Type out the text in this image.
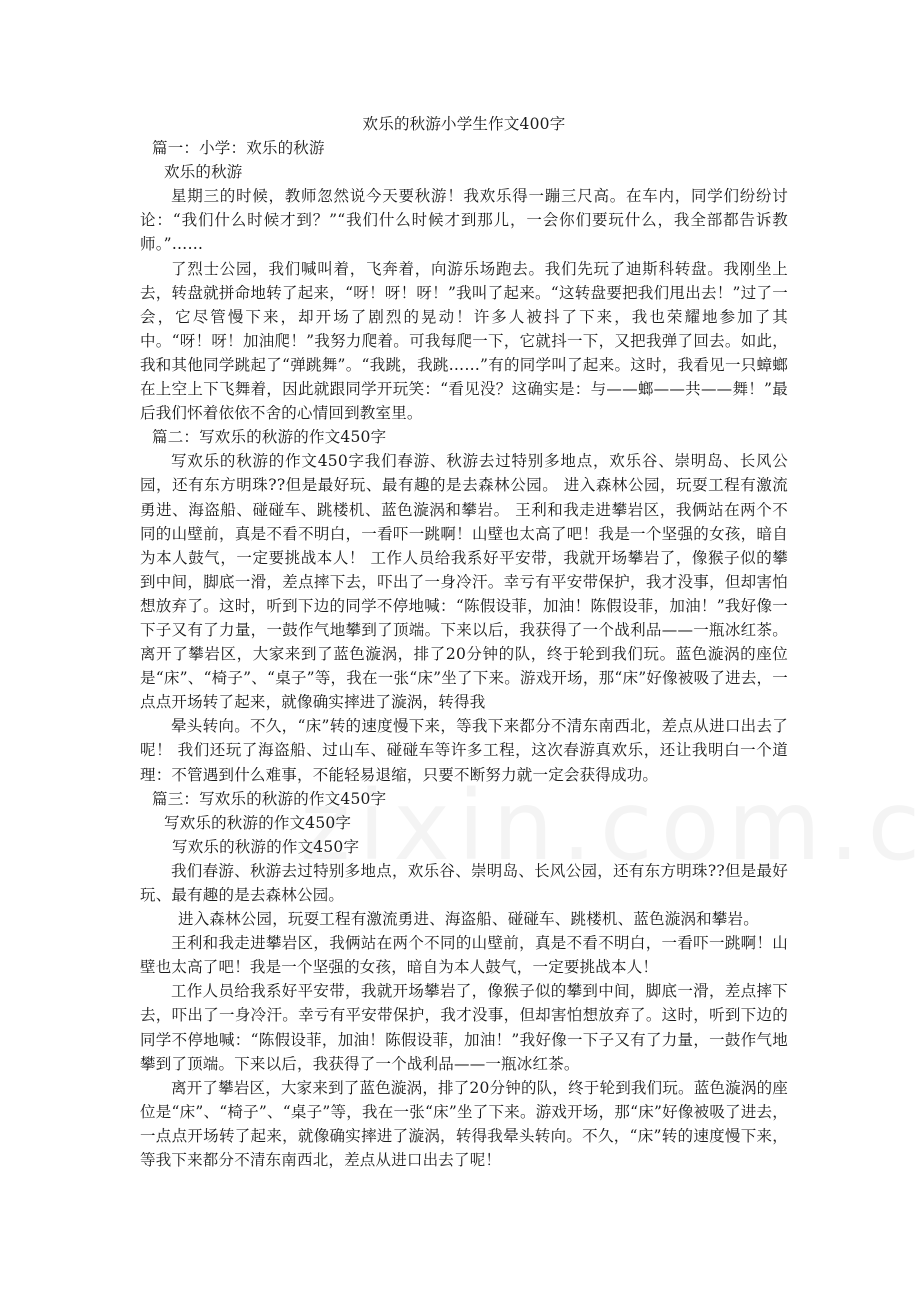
欢乐的秋游小学生作文400字

篇一：小学：欢乐的秋游

欢乐的秋游

星期三的时候，教师忽然说今天要秋游！我欢乐得一蹦三尺高。在车内，同学们纷纷讨论：“我们什么时候才到？”“我们什么时候才到那儿，一会你们要玩什么，我全部都告诉教师。”……

了烈士公园，我们喊叫着，飞奔着，向游乐场跑去。我们先玩了迪斯科转盘。我刚坐上去，转盘就拼命地转了起来，“呀！呀！呀！”我叫了起来。“这转盘要把我们甩出去！”过了一会，它尽管慢下来，却开场了剧烈的晃动！许多人被抖了下来，我也荣耀地参加了其中。“呀！呀！加油爬！”我努力爬着。可我每爬一下，它就抖一下，又把我弹了回去。如此，我和其他同学跳起了“弹跳舞”。“我跳，我跳……”有的同学叫了起来。这时，我看见一只蟑螂在上空上下飞舞着，因此就跟同学开玩笑：“看见没？这确实是：与——螂——共——舞！”最后我们怀着依依不舍的心情回到教室里。

篇二：写欢乐的秋游的作文450字

写欢乐的秋游的作文450字我们春游、秋游去过特别多地点，欢乐谷、崇明岛、长风公园，还有东方明珠??但是最好玩、最有趣的是去森林公园。 进入森林公园，玩耍工程有激流勇进、海盗船、碰碰车、跳楼机、蓝色漩涡和攀岩。 王利和我走进攀岩区，我俩站在两个不同的山壁前，真是不看不明白，一看吓一跳啊！山壁也太高了吧！我是一个坚强的女孩，暗自为本人鼓气，一定要挑战本人！ 工作人员给我系好平安带，我就开场攀岩了，像猴子似的攀到中间，脚底一滑，差点摔下去，吓出了一身冷汗。幸亏有平安带保护，我才没事，但却害怕想放弃了。这时，听到下边的同学不停地喊：“陈假设菲，加油！陈假设菲，加油！”我好像一下子又有了力量，一鼓作气地攀到了顶端。下来以后，我获得了一个战利品——一瓶冰红茶。 离开了攀岩区，大家来到了蓝色漩涡，排了20分钟的队，终于轮到我们玩。蓝色漩涡的座位是“床”、“椅子”、“桌子”等，我在一张“床”坐了下来。游戏开场，那“床”好像被吸了进去，一点点开场转了起来，就像确实摔进了漩涡，转得我

晕头转向。不久，“床”转的速度慢下来，等我下来都分不清东南西北，差点从进口出去了呢！ 我们还玩了海盗船、过山车、碰碰车等许多工程，这次春游真欢乐，还让我明白一个道理：不管遇到什么难事，不能轻易退缩，只要不断努力就一定会获得成功。

篇三：写欢乐的秋游的作文450字

写欢乐的秋游的作文450字

写欢乐的秋游的作文450字

我们春游、秋游去过特别多地点，欢乐谷、崇明岛、长风公园，还有东方明珠??但是最好玩、最有趣的是去森林公园。

进入森林公园，玩耍工程有激流勇进、海盗船、碰碰车、跳楼机、蓝色漩涡和攀岩。

王利和我走进攀岩区，我俩站在两个不同的山壁前，真是不看不明白，一看吓一跳啊！山壁也太高了吧！我是一个坚强的女孩，暗自为本人鼓气，一定要挑战本人！

工作人员给我系好平安带，我就开场攀岩了，像猴子似的攀到中间，脚底一滑，差点摔下去，吓出了一身冷汗。幸亏有平安带保护，我才没事，但却害怕想放弃了。这时，听到下边的同学不停地喊：“陈假设菲，加油！陈假设菲，加油！”我好像一下子又有了力量，一鼓作气地攀到了顶端。下来以后，我获得了一个战利品——一瓶冰红茶。

离开了攀岩区，大家来到了蓝色漩涡，排了20分钟的队，终于轮到我们玩。蓝色漩涡的座位是“床”、“椅子”、“桌子”等，我在一张“床”坐了下来。游戏开场，那“床”好像被吸了进去，一点点开场转了起来，就像确实摔进了漩涡，转得我晕头转向。不久，“床”转的速度慢下来，等我下来都分不清东南西北，差点从进口出去了呢！
